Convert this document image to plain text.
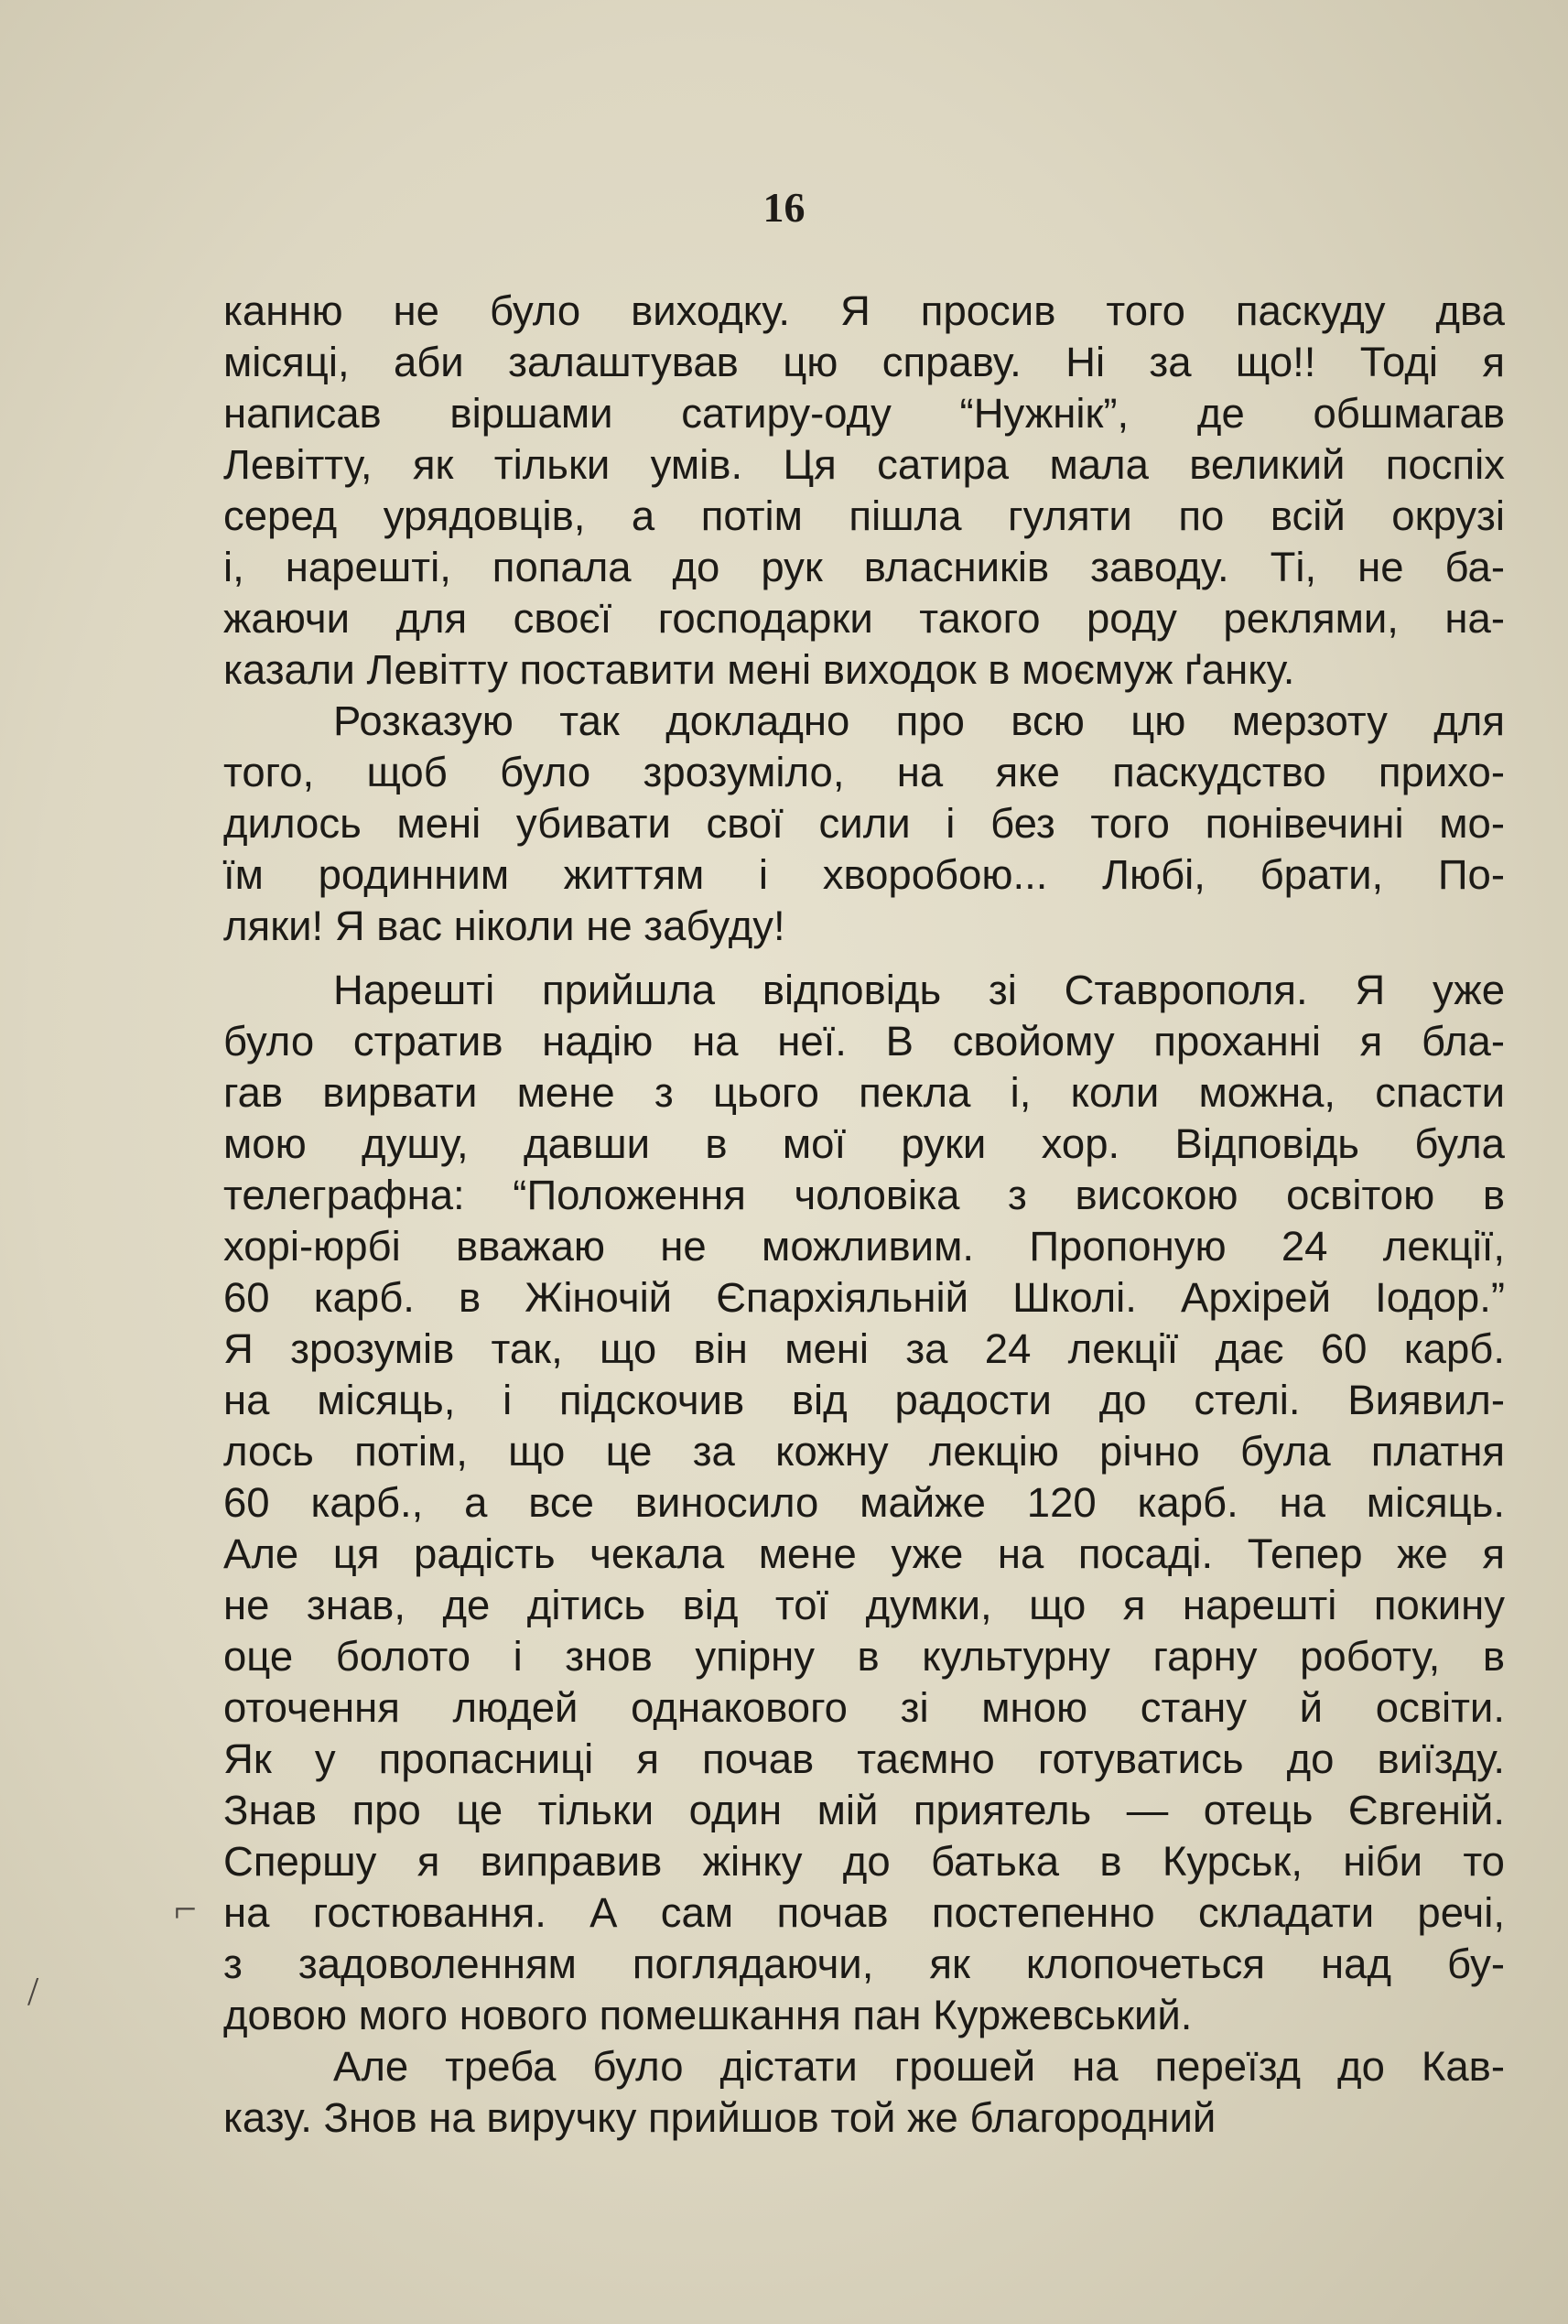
16
канню не було виходку. Я просив того паскуду два
місяці, аби залаштував цю справу. Ні за що!! Тоді я
написав віршами сатиру-оду “Нужнік”, де обшмагав
Левітту, як тільки умів. Ця сатира мала великий поспіх
серед урядовців, а потім пішла гуляти по всій окрузі
і, нарешті, попала до рук власників заводу. Ті, не ба-
жаючи для своєї господарки такого роду реклями, на-
казали Левітту поставити мені виходок в моємуж ґанку.
Розказую так докладно про всю цю мерзоту для
того, щоб було зрозуміло, на яке паскудство прихо-
дилось мені убивати свої сили і без того понівечині мо-
їм родинним життям і хворобою... Любі, брати, По-
ляки! Я вас ніколи не забуду!
Нарешті прийшла відповідь зі Ставрополя. Я уже
було стратив надію на неї. В свойому проханні я бла-
гав вирвати мене з цього пекла і, коли можна, спасти
мою душу, давши в мої руки хор. Відповідь була
телеграфна: “Положення чоловіка з високою освітою в
хорі-юрбі вважаю не можливим. Пропоную 24 лекції,
60 карб. в Жіночій Єпархіяльній Школі. Архірей Іодор.”
Я зрозумів так, що він мені за 24 лекції дає 60 карб.
на місяць, і підскочив від радости до стелі. Виявил-
лось потім, що це за кожну лекцію річно була платня
60 карб., а все виносило майже 120 карб. на місяць.
Але ця радість чекала мене уже на посаді. Тепер же я
не знав, де дітись від тої думки, що я нарешті покину
оце болото і знов упірну в культурну гарну роботу, в
оточення людей однакового зі мною стану й освіти.
Як у пропасниці я почав таємно готуватись до виїзду.
Знав про це тільки один мій приятель — отець Євгеній.
Спершу я виправив жінку до батька в Курськ, ніби то
на гостювання. А сам почав постепенно складати речі,
з задоволенням поглядаючи, як клопочеться над бу-
довою мого нового помешкання пан Куржевський.
Але треба було дістати грошей на переїзд до Кав-
казу. Знов на виручку прийшов той же благородний
⌐
/
